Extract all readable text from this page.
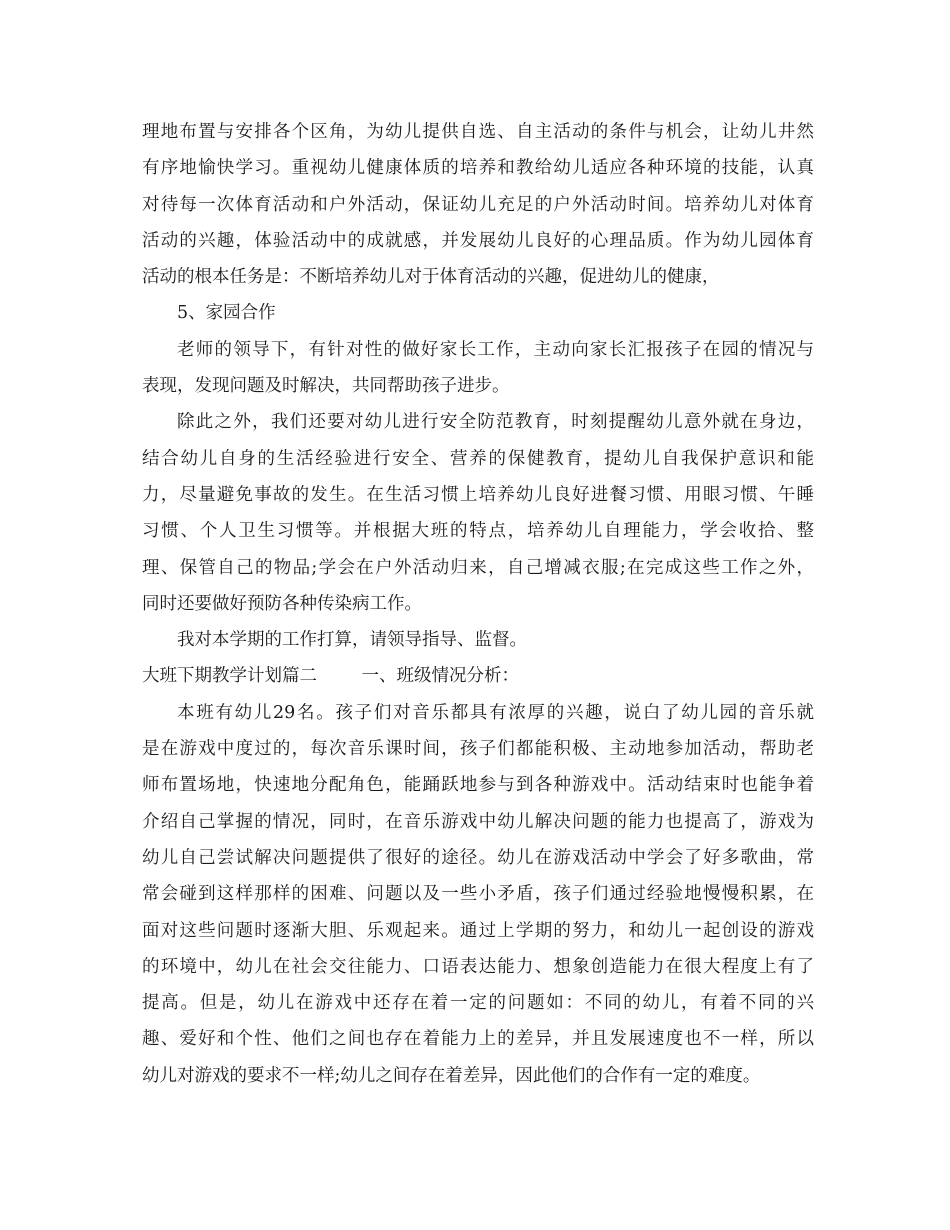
理地布置与安排各个区角，为幼儿提供自选、自主活动的条件与机会，让幼儿井然
有序地愉快学习。重视幼儿健康体质的培养和教给幼儿适应各种环境的技能，认真
对待每一次体育活动和户外活动，保证幼儿充足的户外活动时间。培养幼儿对体育
活动的兴趣，体验活动中的成就感，并发展幼儿良好的心理品质。作为幼儿园体育
活动的根本任务是：不断培养幼儿对于体育活动的兴趣，促进幼儿的健康，
5、家园合作
老师的领导下，有针对性的做好家长工作，主动向家长汇报孩子在园的情况与
表现，发现问题及时解决，共同帮助孩子进步。
除此之外，我们还要对幼儿进行安全防范教育，时刻提醒幼儿意外就在身边，
结合幼儿自身的生活经验进行安全、营养的保健教育，提幼儿自我保护意识和能
力，尽量避免事故的发生。在生活习惯上培养幼儿良好进餐习惯、用眼习惯、午睡
习惯、个人卫生习惯等。并根据大班的特点，培养幼儿自理能力，学会收拾、整
理、保管自己的物品;学会在户外活动归来，自己增减衣服;在完成这些工作之外，
同时还要做好预防各种传染病工作。
我对本学期的工作打算，请领导指导、监督。
大班下期教学计划篇二        一、班级情况分析：
本班有幼儿29名。孩子们对音乐都具有浓厚的兴趣，说白了幼儿园的音乐就
是在游戏中度过的，每次音乐课时间，孩子们都能积极、主动地参加活动，帮助老
师布置场地，快速地分配角色，能踊跃地参与到各种游戏中。活动结束时也能争着
介绍自己掌握的情况，同时，在音乐游戏中幼儿解决问题的能力也提高了，游戏为
幼儿自己尝试解决问题提供了很好的途径。幼儿在游戏活动中学会了好多歌曲，常
常会碰到这样那样的困难、问题以及一些小矛盾，孩子们通过经验地慢慢积累，在
面对这些问题时逐渐大胆、乐观起来。通过上学期的努力，和幼儿一起创设的游戏
的环境中，幼儿在社会交往能力、口语表达能力、想象创造能力在很大程度上有了
提高。但是，幼儿在游戏中还存在着一定的问题如：不同的幼儿，有着不同的兴
趣、爱好和个性、他们之间也存在着能力上的差异，并且发展速度也不一样，所以
幼儿对游戏的要求不一样;幼儿之间存在着差异，因此他们的合作有一定的难度。
